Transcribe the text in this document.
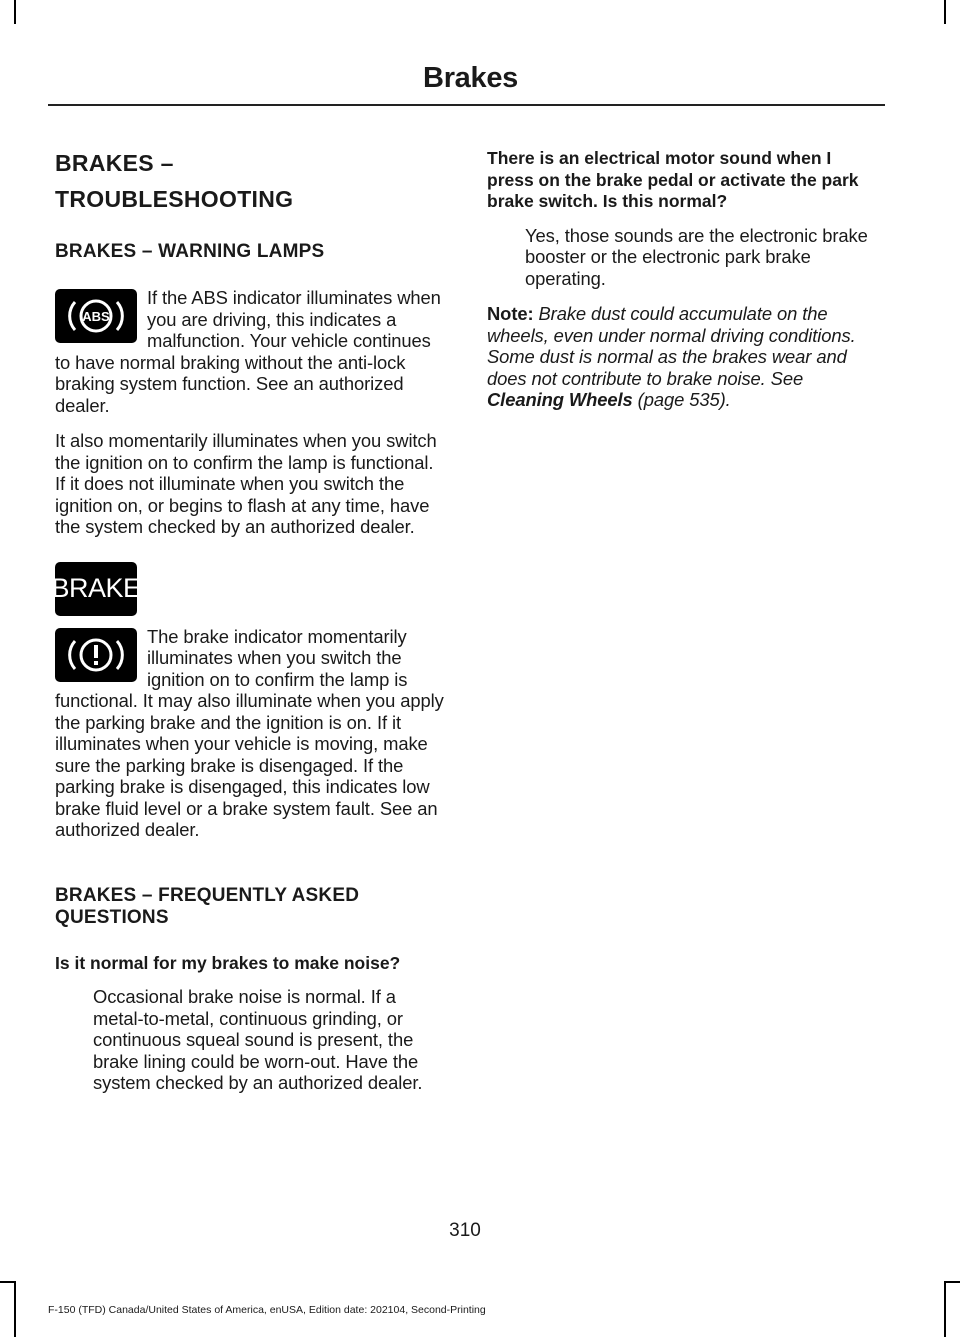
Brakes
BRAKES –
TROUBLESHOOTING
BRAKES – WARNING LAMPS
ABS
If the ABS indicator illuminates when you are driving, this indicates a malfunction. Your vehicle continues to have normal braking without the anti-lock braking system function. See an authorized dealer.
It also momentarily illuminates when you switch the ignition on to confirm the lamp is functional. If it does not illuminate when you switch the ignition on, or begins to flash at any time, have the system checked by an authorized dealer.
BRAKE
The brake indicator momentarily illuminates when you switch the ignition on to confirm the lamp is functional. It may also illuminate when you apply the parking brake and the ignition is on. If it illuminates when your vehicle is moving, make sure the parking brake is disengaged. If the parking brake is disengaged, this indicates low brake fluid level or a brake system fault. See an authorized dealer.
BRAKES – FREQUENTLY ASKED QUESTIONS
Is it normal for my brakes to make noise?
Occasional brake noise is normal. If a metal-to-metal, continuous grinding, or continuous squeal sound is present, the brake lining could be worn-out. Have the system checked by an authorized dealer.
There is an electrical motor sound when I press on the brake pedal or activate the park brake switch. Is this normal?
Yes, those sounds are the electronic brake booster or the electronic park brake operating.
Note: Brake dust could accumulate on the wheels, even under normal driving conditions. Some dust is normal as the brakes wear and does not contribute to brake noise. See Cleaning Wheels (page 535).
310
F-150 (TFD) Canada/United States of America, enUSA, Edition date: 202104, Second-Printing
